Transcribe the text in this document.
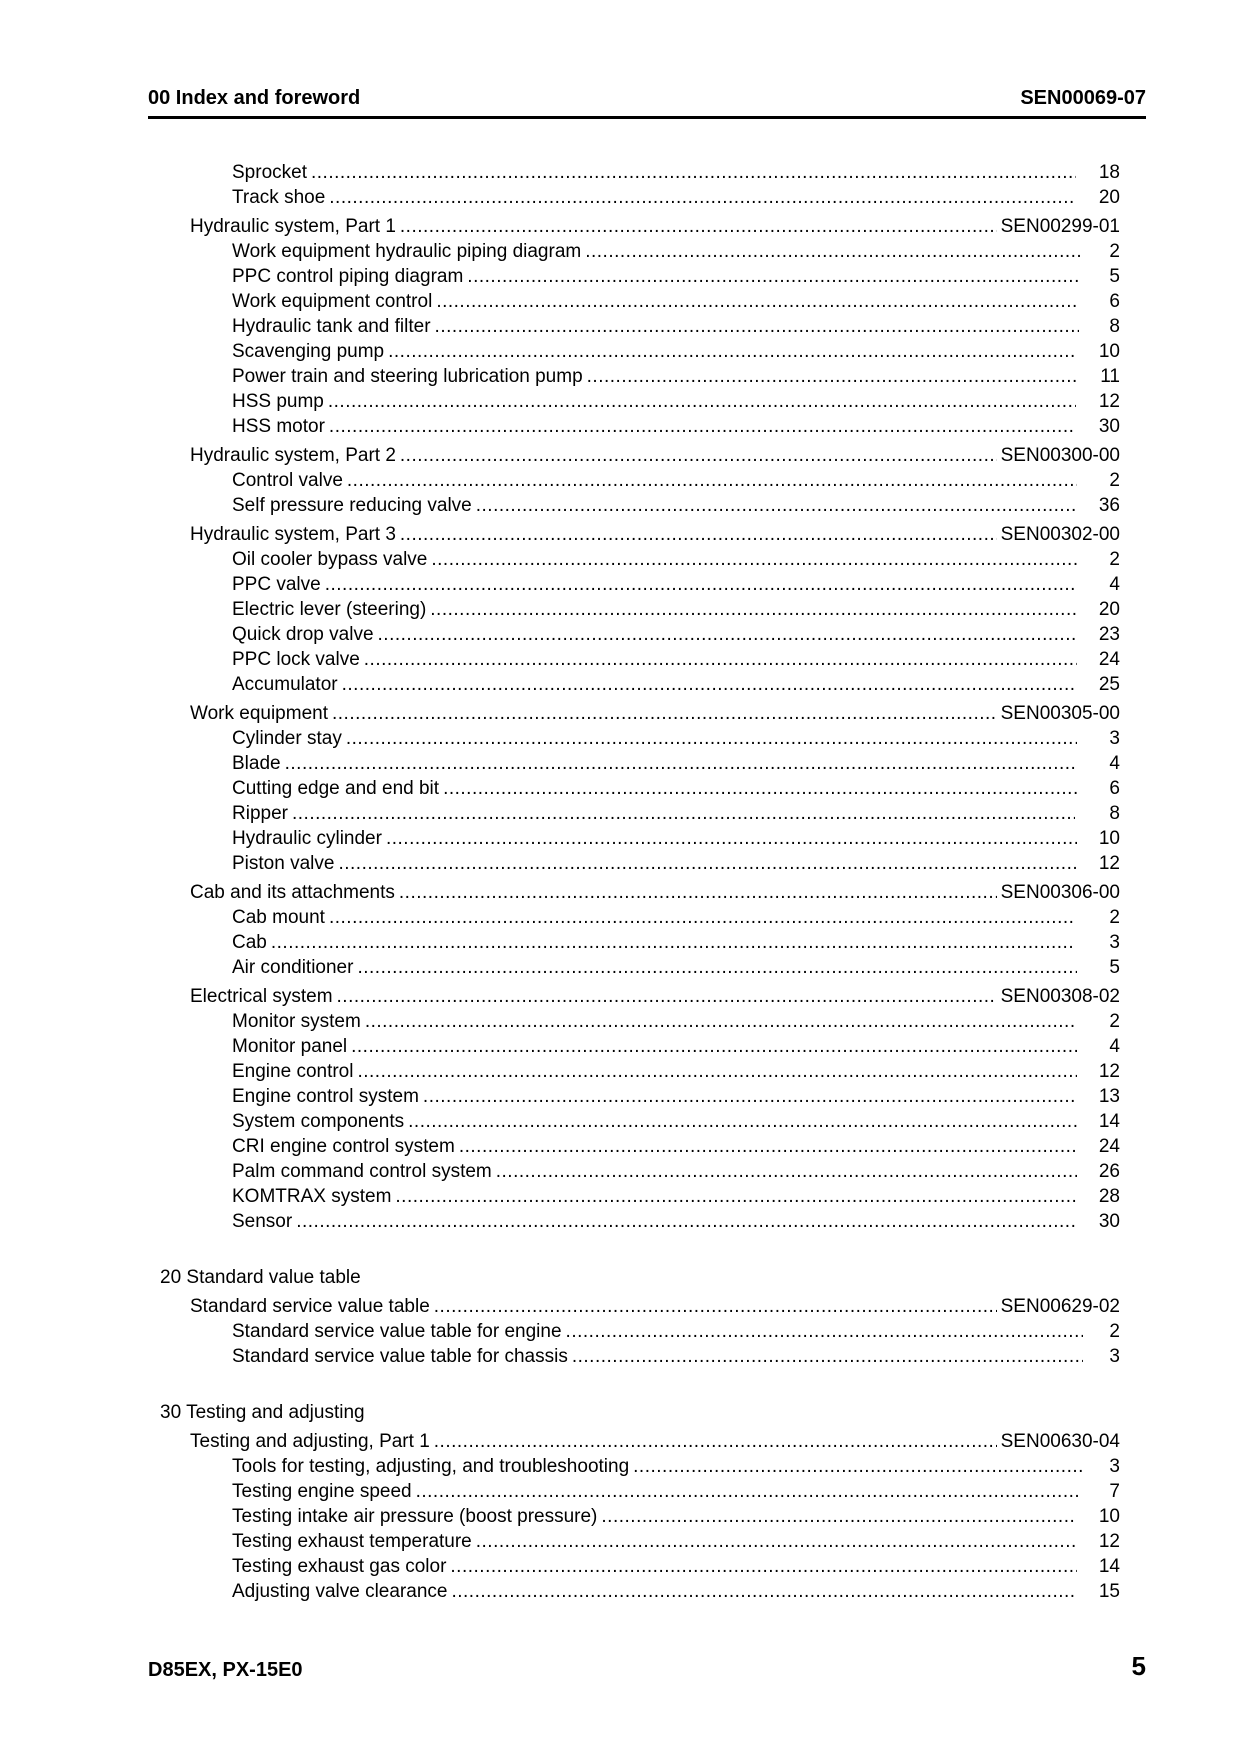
00 Index and foreword	SEN00069-07
Sprocket .....	18
Track shoe .....	20
Hydraulic system, Part 1 .....	SEN00299-01
Work equipment hydraulic piping diagram .....	2
PPC control piping diagram .....	5
Work equipment control .....	6
Hydraulic tank and filter .....	8
Scavenging pump .....	10
Power train and steering lubrication pump .....	11
HSS pump .....	12
HSS motor .....	30
Hydraulic system, Part 2 .....	SEN00300-00
Control valve .....	2
Self pressure reducing valve .....	36
Hydraulic system, Part 3 .....	SEN00302-00
Oil cooler bypass valve .....	2
PPC valve .....	4
Electric lever (steering) .....	20
Quick drop valve .....	23
PPC lock valve .....	24
Accumulator .....	25
Work equipment .....	SEN00305-00
Cylinder stay .....	3
Blade .....	4
Cutting edge and end bit .....	6
Ripper .....	8
Hydraulic cylinder .....	10
Piston valve .....	12
Cab and its attachments .....	SEN00306-00
Cab mount .....	2
Cab .....	3
Air conditioner .....	5
Electrical system .....	SEN00308-02
Monitor system .....	2
Monitor panel .....	4
Engine control .....	12
Engine control system .....	13
System components .....	14
CRI engine control system .....	24
Palm command control system .....	26
KOMTRAX system .....	28
Sensor .....	30
20 Standard value table
Standard service value table .....	SEN00629-02
Standard service value table for engine .....	2
Standard service value table for chassis .....	3
30 Testing and adjusting
Testing and adjusting, Part 1 .....	SEN00630-04
Tools for testing, adjusting, and troubleshooting .....	3
Testing engine speed .....	7
Testing intake air pressure (boost pressure) .....	10
Testing exhaust temperature .....	12
Testing exhaust gas color .....	14
Adjusting valve clearance .....	15
D85EX, PX-15E0	5
